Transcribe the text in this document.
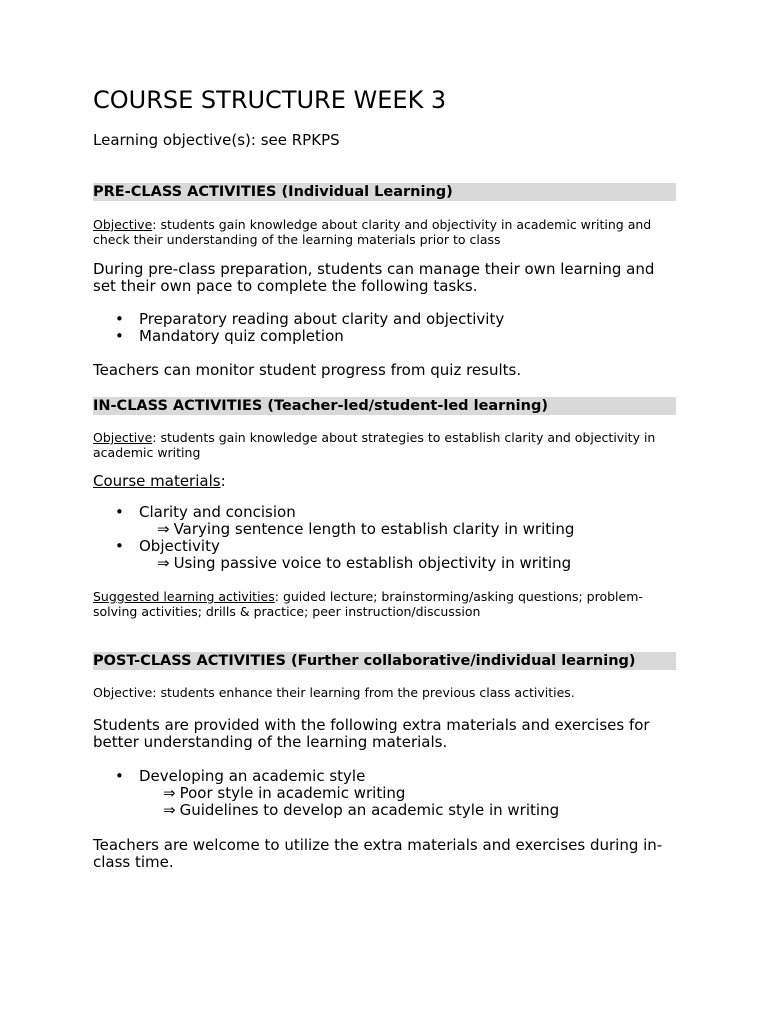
COURSE STRUCTURE WEEK 3
Learning objective(s): see RPKPS
PRE-CLASS ACTIVITIES (Individual Learning)
Objective: students gain knowledge about clarity and objectivity in academic writing and check their understanding of the learning materials prior to class
During pre-class preparation, students can manage their own learning and set their own pace to complete the following tasks.
• Preparatory reading about clarity and objectivity
• Mandatory quiz completion
Teachers can monitor student progress from quiz results.
IN-CLASS ACTIVITIES (Teacher-led/student-led learning)
Objective: students gain knowledge about strategies to establish clarity and objectivity in academic writing
Course materials:
• Clarity and concision
⇒ Varying sentence length to establish clarity in writing
• Objectivity
⇒ Using passive voice to establish objectivity in writing
Suggested learning activities: guided lecture; brainstorming/asking questions; problem-solving activities; drills & practice; peer instruction/discussion
POST-CLASS ACTIVITIES (Further collaborative/individual learning)
Objective: students enhance their learning from the previous class activities.
Students are provided with the following extra materials and exercises for better understanding of the learning materials.
• Developing an academic style
⇒ Poor style in academic writing
⇒ Guidelines to develop an academic style in writing
Teachers are welcome to utilize the extra materials and exercises during in-class time.
